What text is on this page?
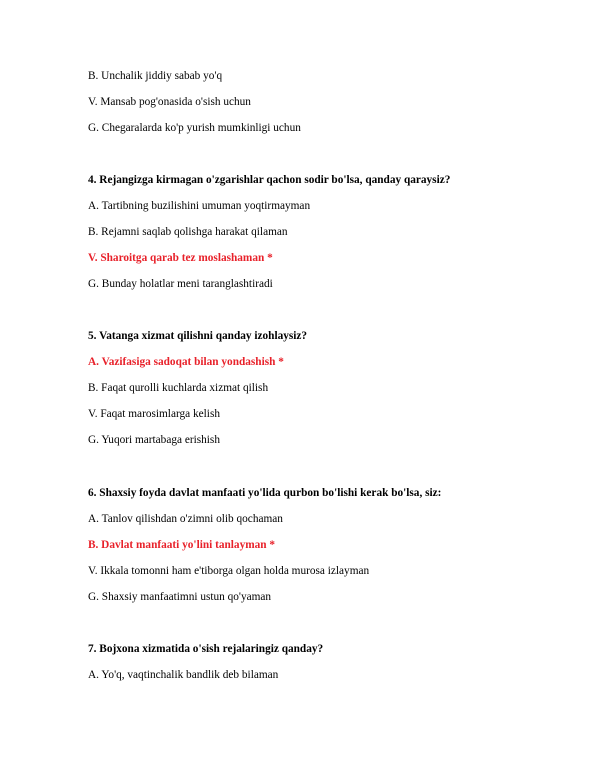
B. Unchalik jiddiy sabab yo'q
V. Mansab pog'onasida o'sish uchun
G. Chegaralarda ko'p yurish mumkinligi uchun
4. Rejangizga kirmagan o'zgarishlar qachon sodir bo'lsa, qanday qaraysiz?
A. Tartibning buzilishini umuman yoqtirmayman
B. Rejamni saqlab qolishga harakat qilaman
V. Sharoitga qarab tez moslashaman *
G. Bunday holatlar meni taranglashtiradi
5. Vatanga xizmat qilishni qanday izohlaysiz?
A. Vazifasiga sadoqat bilan yondashish *
B. Faqat qurolli kuchlarda xizmat qilish
V. Faqat marosimlarga kelish
G. Yuqori martabaga erishish
6. Shaxsiy foyda davlat manfaati yo'lida qurbon bo'lishi kerak bo'lsa, siz:
A. Tanlov qilishdan o'zimni olib qochaman
B. Davlat manfaati yo'lini tanlayman *
V. Ikkala tomonni ham e'tiborga olgan holda murosa izlayman
G. Shaxsiy manfaatimni ustun qo'yaman
7. Bojxona xizmatida o'sish rejalaringiz qanday?
A. Yo'q, vaqtinchalik bandlik deb bilaman
